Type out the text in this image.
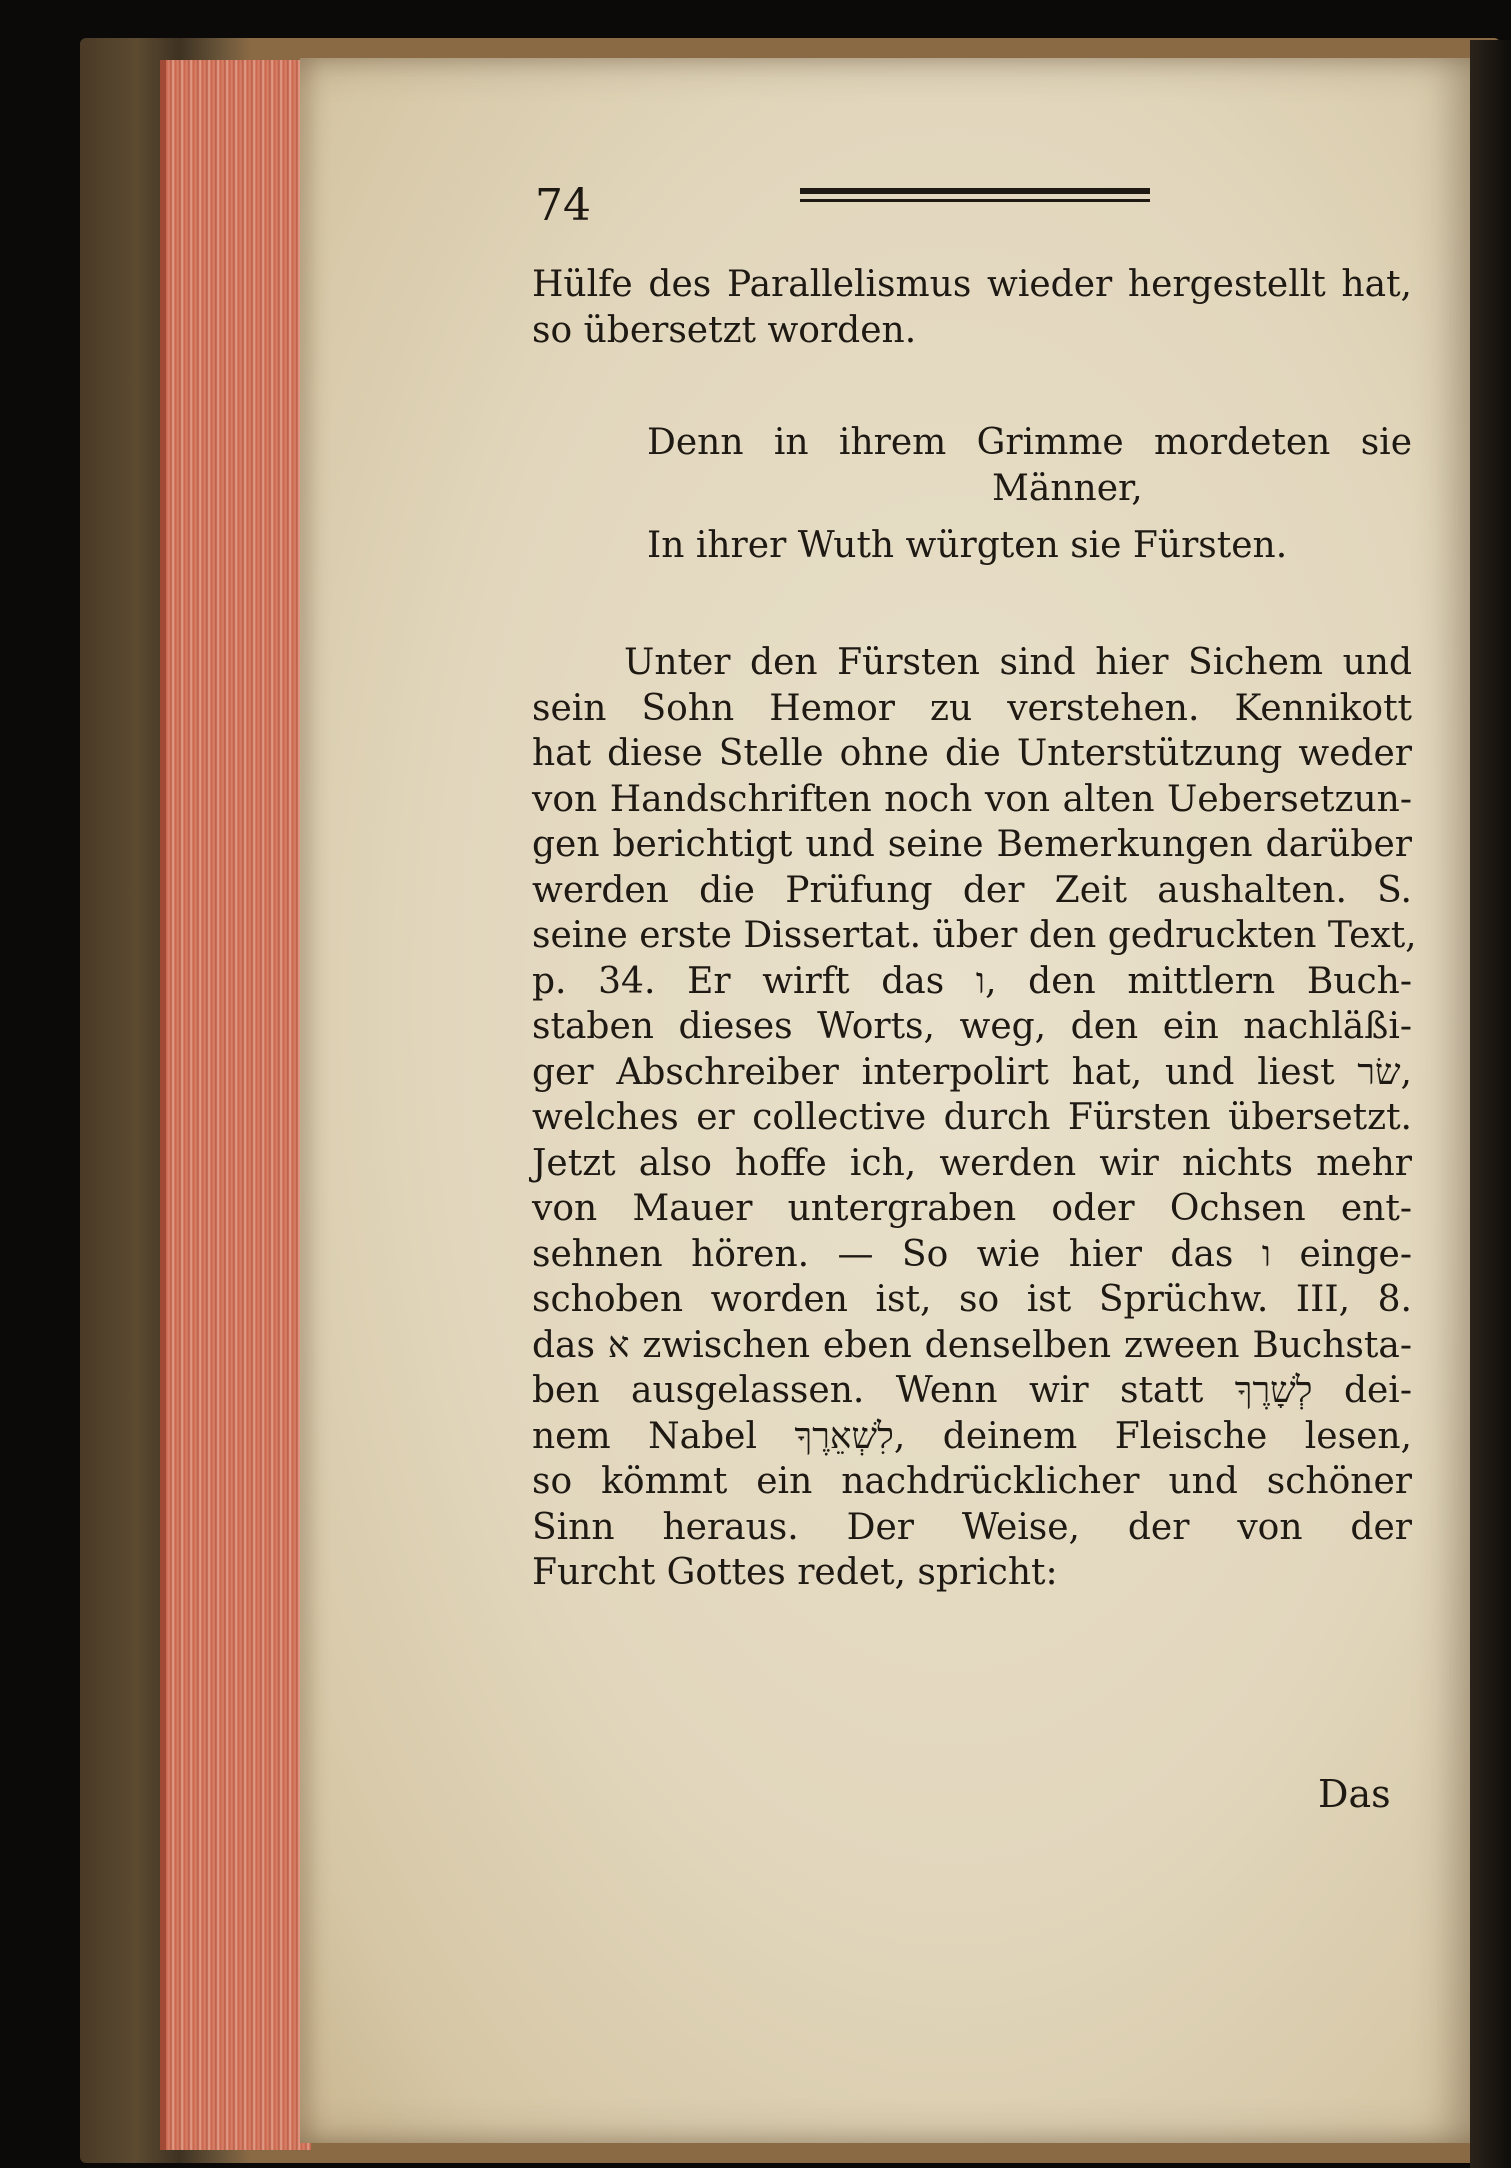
74
Hülfe des Parallelismus wieder hergestellt hat,
so übersetzt worden.
Denn in ihrem Grimme mordeten sie
Männer,
In ihrer Wuth würgten sie Fürsten.
Unter den Fürsten sind hier Sichem und
sein Sohn Hemor zu verstehen. Kennikott
hat diese Stelle ohne die Unterstützung weder
von Handschriften noch von alten Uebersetzun-
gen berichtigt und seine Bemerkungen darüber
werden die Prüfung der Zeit aushalten. S.
seine erste Dissertat. über den gedruckten Text,
p. 34. Er wirft das ו, den mittlern Buch-
staben dieses Worts, weg, den ein nachläßi-
ger Abschreiber interpolirt hat, und liest שׂר,
welches er collective durch Fürsten übersetzt.
Jetzt also hoffe ich, werden wir nichts mehr
von Mauer untergraben oder Ochsen ent-
sehnen hören. — So wie hier das ו einge-
schoben worden ist, so ist Sprüchw. III, 8.
das א zwischen eben denselben zween Buchsta-
ben ausgelassen. Wenn wir statt לְשָׁרֶךָ dei-
nem Nabel לִשְׁאֵרֶךָ, deinem Fleische lesen,
so kömmt ein nachdrücklicher und schöner
Sinn heraus. Der Weise, der von der
Furcht Gottes redet, spricht:
Das
